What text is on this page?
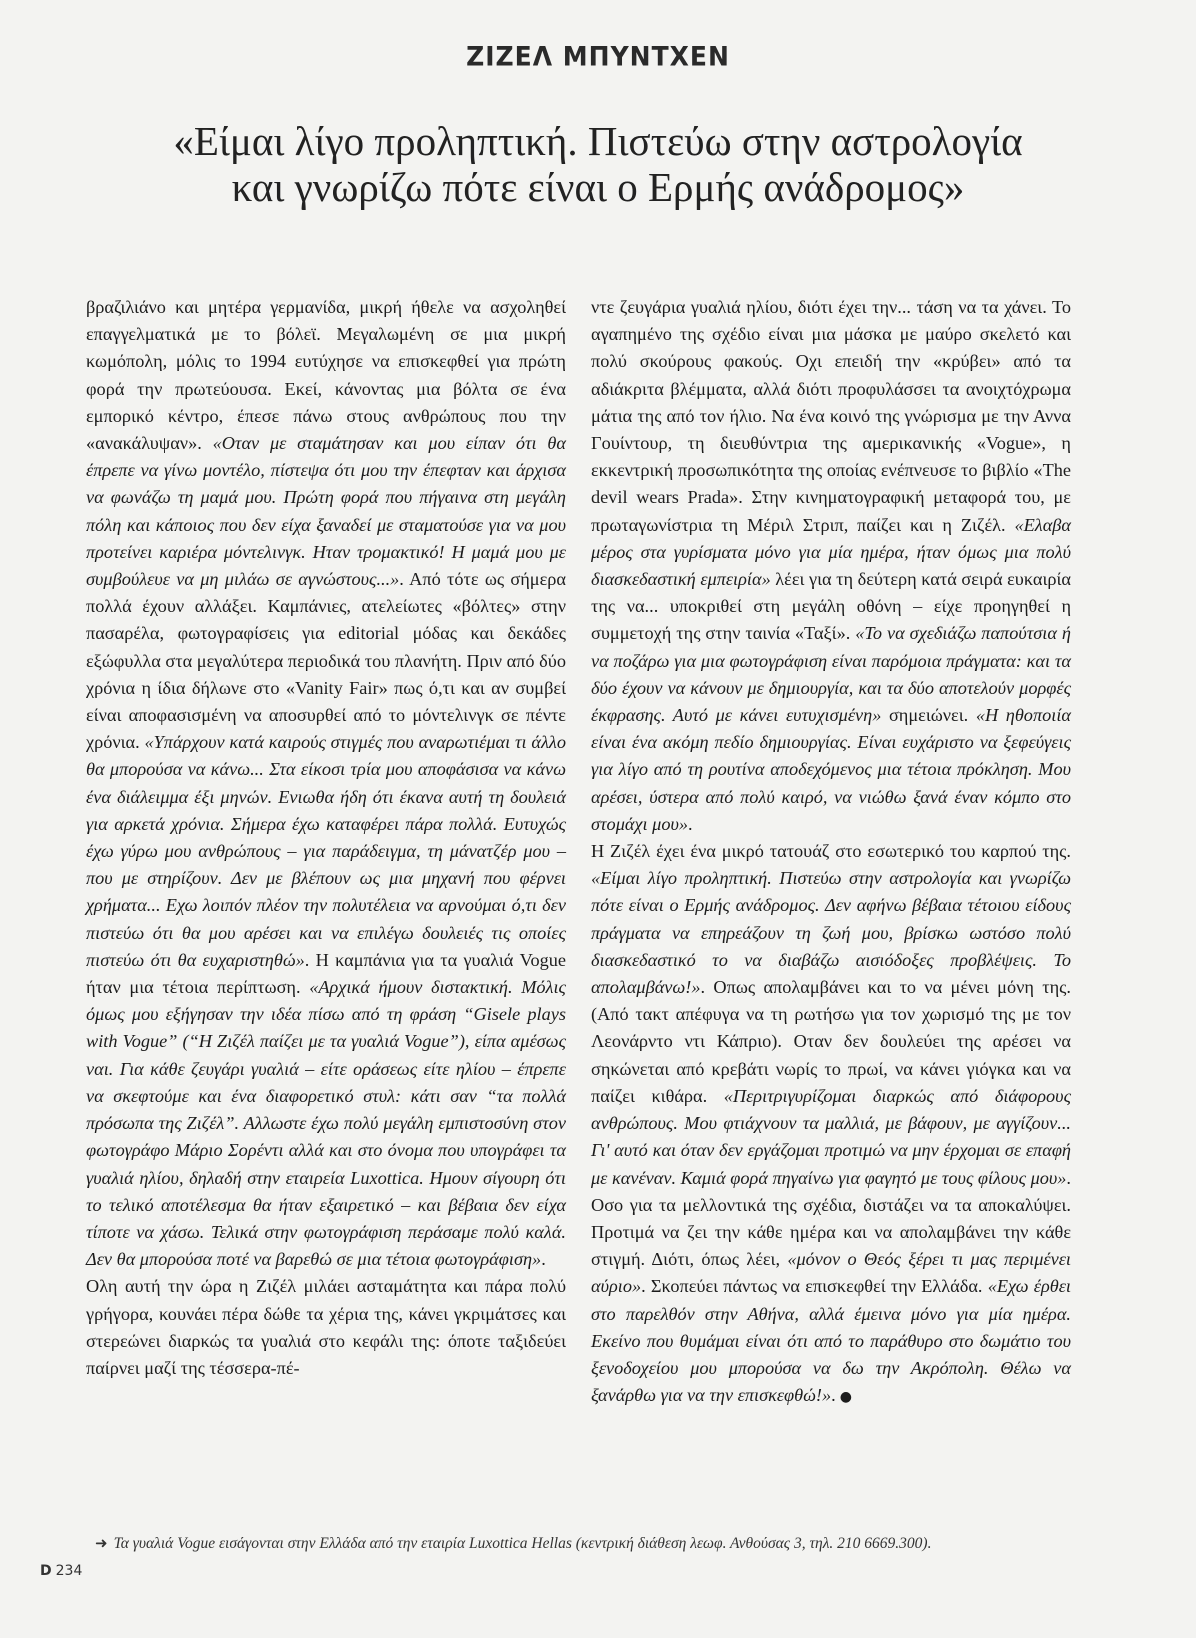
ΖΙΖΕΛ ΜΠΥΝΤΧΕΝ
«Είμαι λίγο προληπτική. Πιστεύω στην αστρολογία
και γνωρίζω πότε είναι ο Ερμής ανάδρομος»

βραζιλιάνο και μητέρα γερμανίδα, μικρή ήθελε να ασχοληθεί επαγγελματικά με το βόλεϊ. Μεγαλωμένη σε μια μικρή κωμόπολη, μόλις το 1994 ευτύχησε να επισκεφθεί για πρώτη φορά την πρωτεύουσα. Εκεί, κάνοντας μια βόλτα σε ένα εμπορικό κέντρο, έπεσε πάνω στους ανθρώπους που την «ανακάλυψαν». «Οταν με σταμάτησαν και μου είπαν ότι θα έπρεπε να γίνω μοντέλο, πίστεψα ότι μου την έπεφταν και άρχισα να φωνάζω τη μαμά μου. Πρώτη φορά που πήγαινα στη μεγάλη πόλη και κάποιος που δεν είχα ξαναδεί με σταματούσε για να μου προτείνει καριέρα μόντελινγκ. Ηταν τρομακτικό! Η μαμά μου με συμβούλευε να μη μιλάω σε αγνώστους...». Από τότε ως σήμερα πολλά έχουν αλλάξει. Καμπάνιες, ατελείωτες «βόλτες» στην πασαρέλα, φωτογραφίσεις για editorial μόδας και δεκάδες εξώφυλλα στα μεγαλύτερα περιοδικά του πλανήτη. Πριν από δύο χρόνια η ίδια δήλωνε στο «Vanity Fair» πως ό,τι και αν συμβεί είναι αποφασισμένη να αποσυρθεί από το μόντελινγκ σε πέντε χρόνια. «Υπάρχουν κατά καιρούς στιγμές που αναρωτιέμαι τι άλλο θα μπορούσα να κάνω... Στα είκοσι τρία μου αποφάσισα να κάνω ένα διάλειμμα έξι μηνών. Ενιωθα ήδη ότι έκανα αυτή τη δουλειά για αρκετά χρόνια. Σήμερα έχω καταφέρει πάρα πολλά. Ευτυχώς έχω γύρω μου ανθρώπους – για παράδειγμα, τη μάνατζέρ μου – που με στηρίζουν. Δεν με βλέπουν ως μια μηχανή που φέρνει χρήματα... Εχω λοιπόν πλέον την πολυτέλεια να αρνούμαι ό,τι δεν πιστεύω ότι θα μου αρέσει και να επιλέγω δουλειές τις οποίες πιστεύω ότι θα ευχαριστηθώ». Η καμπάνια για τα γυαλιά Vogue ήταν μια τέτοια περίπτωση. «Αρχικά ήμουν διστακτική. Μόλις όμως μου εξήγησαν την ιδέα πίσω από τη φράση “Gisele plays with Vogue” (“Η Ζιζέλ παίζει με τα γυαλιά Vogue”), είπα αμέσως ναι. Για κάθε ζευγάρι γυαλιά – είτε οράσεως είτε ηλίου – έπρεπε να σκεφτούμε και ένα διαφορετικό στυλ: κάτι σαν “τα πολλά πρόσωπα της Ζιζέλ”. Αλλωστε έχω πολύ μεγάλη εμπιστοσύνη στον φωτογράφο Μάριο Σορέντι αλλά και στο όνομα που υπογράφει τα γυαλιά ηλίου, δηλαδή στην εταιρεία Luxottica. Ημουν σίγουρη ότι το τελικό αποτέλεσμα θα ήταν εξαιρετικό – και βέβαια δεν είχα τίποτε να χάσω. Τελικά στην φωτογράφιση περάσαμε πολύ καλά. Δεν θα μπορούσα ποτέ να βαρεθώ σε μια τέτοια φωτογράφιση».

Ολη αυτή την ώρα η Ζιζέλ μιλάει ασταμάτητα και πάρα πολύ γρήγορα, κουνάει πέρα δώθε τα χέρια της, κάνει γκριμάτσες και στερεώνει διαρκώς τα γυαλιά στο κεφάλι της: όποτε ταξιδεύει παίρνει μαζί της τέσσερα-πέ-

ντε ζευγάρια γυαλιά ηλίου, διότι έχει την... τάση να τα χάνει. Το αγαπημένο της σχέδιο είναι μια μάσκα με μαύρο σκελετό και πολύ σκούρους φακούς. Οχι επειδή την «κρύβει» από τα αδιάκριτα βλέμματα, αλλά διότι προφυλάσσει τα ανοιχτόχρωμα μάτια της από τον ήλιο. Να ένα κοινό της γνώρισμα με την Αννα Γουίντουρ, τη διευθύντρια της αμερικανικής «Vogue», η εκκεντρική προσωπικότητα της οποίας ενέπνευσε το βιβλίο «The devil wears Prada». Στην κινηματογραφική μεταφορά του, με πρωταγωνίστρια τη Μέριλ Στριπ, παίζει και η Ζιζέλ. «Ελαβα μέρος στα γυρίσματα μόνο για μία ημέρα, ήταν όμως μια πολύ διασκεδαστική εμπειρία» λέει για τη δεύτερη κατά σειρά ευκαιρία της να... υποκριθεί στη μεγάλη οθόνη – είχε προηγηθεί η συμμετοχή της στην ταινία «Ταξί». «Το να σχεδιάζω παπούτσια ή να ποζάρω για μια φωτογράφιση είναι παρόμοια πράγματα: και τα δύο έχουν να κάνουν με δημιουργία, και τα δύο αποτελούν μορφές έκφρασης. Αυτό με κάνει ευτυχισμένη» σημειώνει. «Η ηθοποιία είναι ένα ακόμη πεδίο δημιουργίας. Είναι ευχάριστο να ξεφεύγεις για λίγο από τη ρουτίνα αποδεχόμενος μια τέτοια πρόκληση. Μου αρέσει, ύστερα από πολύ καιρό, να νιώθω ξανά έναν κόμπο στο στομάχι μου».

Η Ζιζέλ έχει ένα μικρό τατουάζ στο εσωτερικό του καρπού της. «Είμαι λίγο προληπτική. Πιστεύω στην αστρολογία και γνωρίζω πότε είναι ο Ερμής ανάδρομος. Δεν αφήνω βέβαια τέτοιου είδους πράγματα να επηρεάζουν τη ζωή μου, βρίσκω ωστόσο πολύ διασκεδαστικό το να διαβάζω αισιόδοξες προβλέψεις. Το απολαμβάνω!». Οπως απολαμβάνει και το να μένει μόνη της. (Από τακτ απέφυγα να τη ρωτήσω για τον χωρισμό της με τον Λεονάρντο ντι Κάπριο). Οταν δεν δουλεύει της αρέσει να σηκώνεται από κρεβάτι νωρίς το πρωί, να κάνει γιόγκα και να παίζει κιθάρα. «Περιτριγυρίζομαι διαρκώς από διάφορους ανθρώπους. Μου φτιάχνουν τα μαλλιά, με βάφουν, με αγγίζουν... Γι' αυτό και όταν δεν εργάζομαι προτιμώ να μην έρχομαι σε επαφή με κανέναν. Καμιά φορά πηγαίνω για φαγητό με τους φίλους μου». Οσο για τα μελλοντικά της σχέδια, διστάζει να τα αποκαλύψει. Προτιμά να ζει την κάθε ημέρα και να απολαμβάνει την κάθε στιγμή. Διότι, όπως λέει, «μόνον ο Θεός ξέρει τι μας περιμένει αύριο». Σκοπεύει πάντως να επισκεφθεί την Ελλάδα. «Εχω έρθει στο παρελθόν στην Αθήνα, αλλά έμεινα μόνο για μία ημέρα. Εκείνο που θυμάμαι είναι ότι από το παράθυρο στο δωμάτιο του ξενοδοχείου μου μπορούσα να δω την Ακρόπολη. Θέλω να ξανάρθω για να την επισκεφθώ!». ●

➜ Τα γυαλιά Vogue εισάγονται στην Ελλάδα από την εταιρία Luxottica Hellas (κεντρική διάθεση λεωφ. Ανθούσας 3, τηλ. 210 6669.300).
D 234
